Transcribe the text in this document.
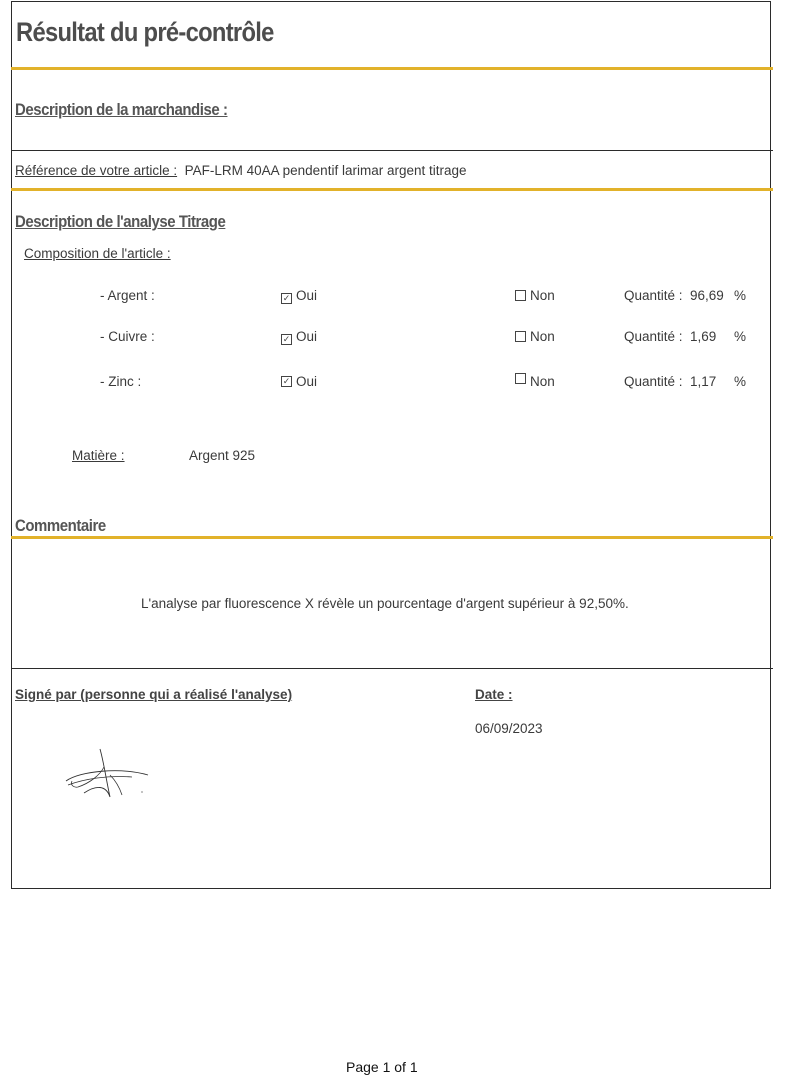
Résultat du pré-contrôle
Description de la marchandise :
Référence de votre article : PAF-LRM 40AA pendentif larimar argent titrage
Description de l'analyse Titrage
Composition de l'article :
- Argent :	✓ Oui	Non	Quantité : 96,69 %
- Cuivre :	✓ Oui	Non	Quantité : 1,69 %
- Zinc :	✓ Oui	Non	Quantité : 1,17 %
Matière :	Argent 925
Commentaire
L'analyse par fluorescence X révèle un pourcentage d'argent supérieur à 92,50%.
Signé par (personne qui a réalisé l'analyse)	Date :
06/09/2023
Page 1 of 1
